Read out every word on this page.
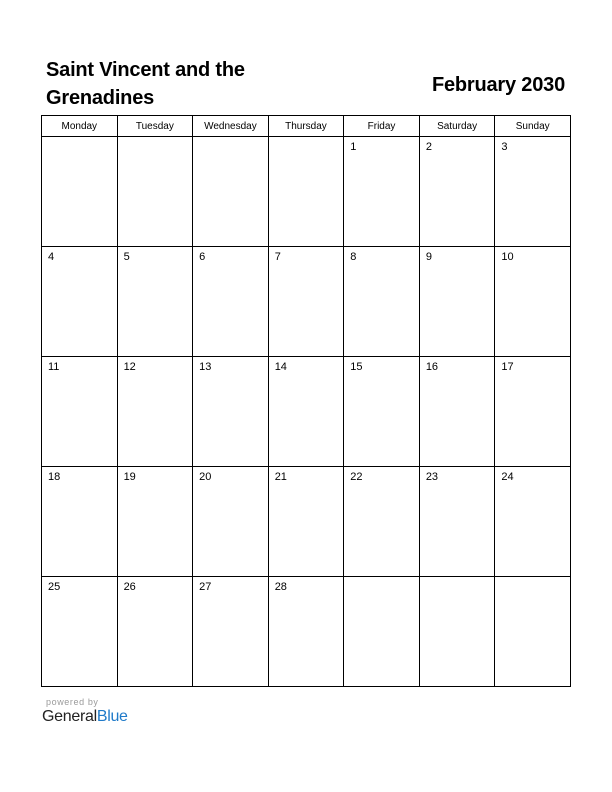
Saint Vincent and the Grenadines
February 2030
Monday	Tuesday	Wednesday	Thursday	Friday	Saturday	Sunday

				1	2	3

4	5	6	7	8	9	10

11	12	13	14	15	16	17

18	19	20	21	22	23	24

25	26	27	28			

powered by
GeneralBlue
